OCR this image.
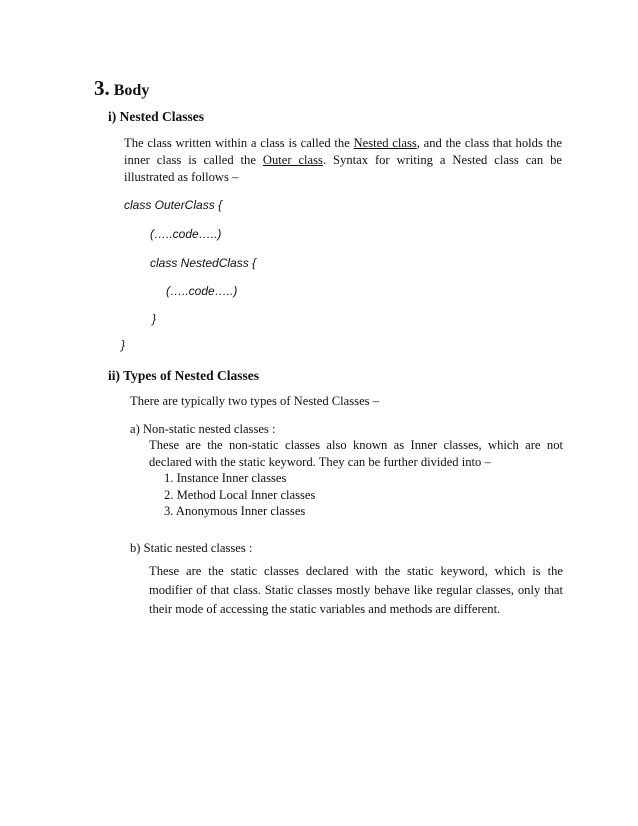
3. Body
i) Nested Classes
The class written within a class is called the Nested class, and the class that holds the inner class is called the Outer class. Syntax for writing a Nested class can be illustrated as follows –
class OuterClass {
(…..code…..)
class NestedClass {
(…..code…..)
}
}
ii) Types of Nested Classes
There are typically two types of Nested Classes –
a) Non-static nested classes :
These are the non-static classes also known as Inner classes, which are not declared with the static keyword. They can be further divided into –
1. Instance Inner classes
2. Method Local Inner classes
3. Anonymous Inner classes
b) Static nested classes :
These are the static classes declared with the static keyword, which is the modifier of that class. Static classes mostly behave like regular classes, only that their mode of accessing the static variables and methods are different.
